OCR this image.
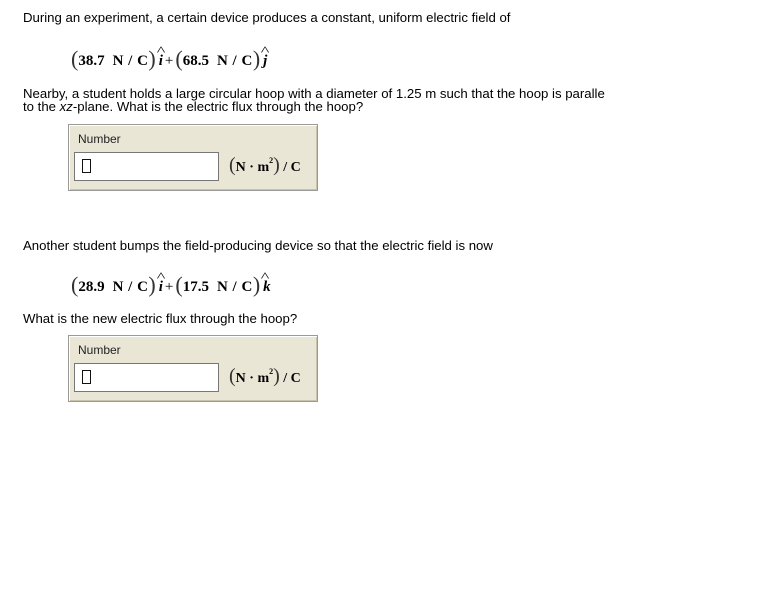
During an experiment, a certain device produces a constant, uniform electric field of
(38.7 N / C) ^ i +(68.5 N / C) ^ j
Nearby, a student holds a large circular hoop with a diameter of 1.25 m such that the hoop is paralle
to the xz-plane. What is the electric flux through the hoop?
Number
$(N \cdot m^2) / C$
Another student bumps the field-producing device so that the electric field is now
(28.9 N / C) ^ i +(17.5 N / C) ^ k
What is the new electric flux through the hoop?
Number
$(N \cdot m^2) / C$
